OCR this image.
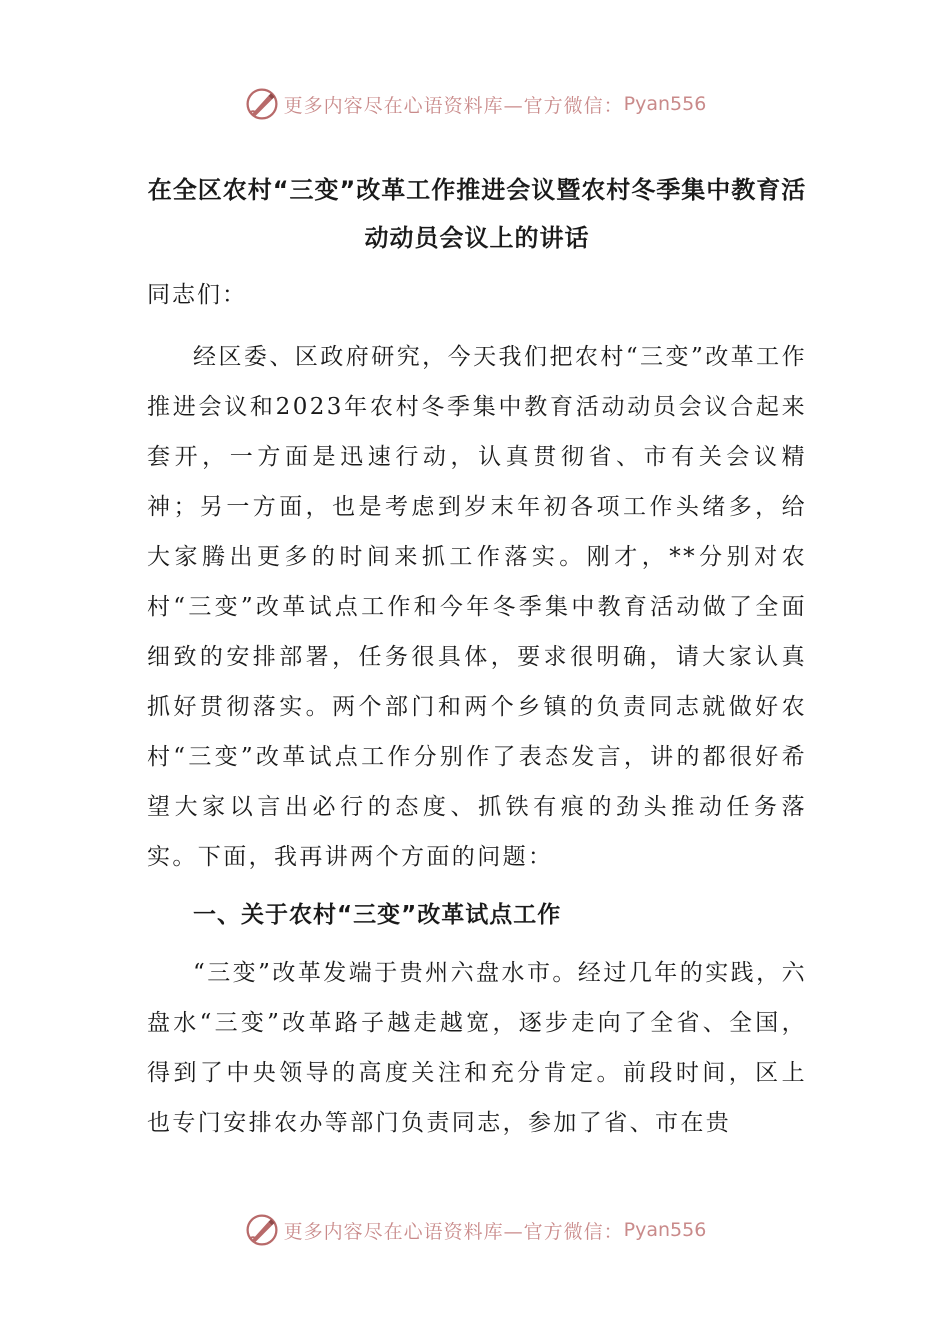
更多内容尽在心语资料库—官方微信： Pyan556
在全区农村“三变”改革工作推进会议暨农村冬季集中教育活动动员会议上的讲话

同志们：

经区委、区政府研究，今天我们把农村“三变”改革工作推进会议和2023年农村冬季集中教育活动动员会议合起来套开，一方面是迅速行动，认真贯彻省、市有关会议精神；另一方面，也是考虑到岁末年初各项工作头绪多，给大家腾出更多的时间来抓工作落实。刚才，**分别对农村“三变”改革试点工作和今年冬季集中教育活动做了全面细致的安排部署，任务很具体，要求很明确，请大家认真抓好贯彻落实。两个部门和两个乡镇的负责同志就做好农村“三变”改革试点工作分别作了表态发言，讲的都很好希望大家以言出必行的态度、抓铁有痕的劲头推动任务落实。下面，我再讲两个方面的问题：

一、关于农村“三变”改革试点工作

“三变”改革发端于贵州六盘水市。经过几年的实践，六盘水“三变”改革路子越走越宽，逐步走向了全省、全国，得到了中央领导的高度关注和充分肯定。前段时间，区上也专门安排农办等部门负责同志，参加了省、市在贵

更多内容尽在心语资料库—官方微信： Pyan556
